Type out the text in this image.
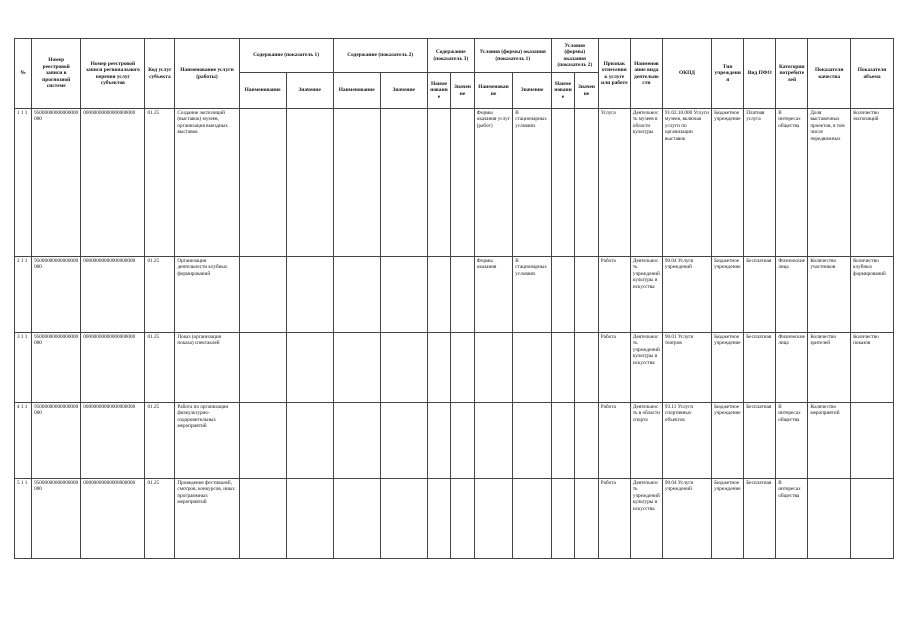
№	Номер реестровой записи в прогнозной системе	Номер реестровой записи регионального перечня услуг субъектов	Код услуг субъекта	Наименование услуги (работы)	Содержание (показатель 1)		Содержание (показатель 2)		Содержание (показатель 3)		Условия (формы) оказания (показатель 1)		Условия (формы) оказания (показатель 2)		Признак отнесения к услуге или работе	Наименование вида деятельности	ОКПД	Тип учреждения	Вид ПФО	Категории потребителей	Показатели качества	Показатели объема
					Наименование	Значение	Наименование	Значение	Наименование	Значение	Наименование	Значение	Наименование	Значение								
1 1 1	95000000000000000000	00000000000000000000	01.25	Создание экспозиций (выставок) музеев, организация выездных выставок							Формы оказания услуг (работ)	В стационарных условиях			Услуга	Деятельность музеев в области культуры	91.02.10.000 Услуги музеев, включая услуги по организации выставок	Бюджетное учреждение	Платная услуга	В интересах общества	Доля выставочных проектов, в том числе передвижных	Количество экспозиций
2 1 1	95000000000000000000	00000000000000000000	01.25	Организация деятельности клубных формирований							Формы оказания	В стационарных условиях			Работа	Деятельность учреждений культуры и искусства	90.04 Услуги учреждений	Бюджетное учреждение	Бесплатная	Физические лица	Количество участников	Количество клубных формирований
3 1 1	95000000000000000000	00000000000000000000	01.25	Показ (организация показа) спектаклей											Работа	Деятельность учреждений культуры и искусства	90.01 Услуги театров	Бюджетное учреждение	Бесплатная	Физические лица	Количество зрителей	Количество показов
4 1 1	95000000000000000000	00000000000000000000	01.25	Работа по организации физкультурно-оздоровительных мероприятий											Работа	Деятельность в области спорта	93.11 Услуги спортивных объектов	Бюджетное учреждение	Бесплатная	В интересах общества	Количество мероприятий	
5 1 1	95000000000000000000	00000000000000000000	01.25	Проведение фестивалей, смотров, конкурсов, иных программных мероприятий											Работа	Деятельность учреждений культуры и искусства	90.04 Услуги учреждений	Бюджетное учреждение	Бесплатная	В интересах общества		
